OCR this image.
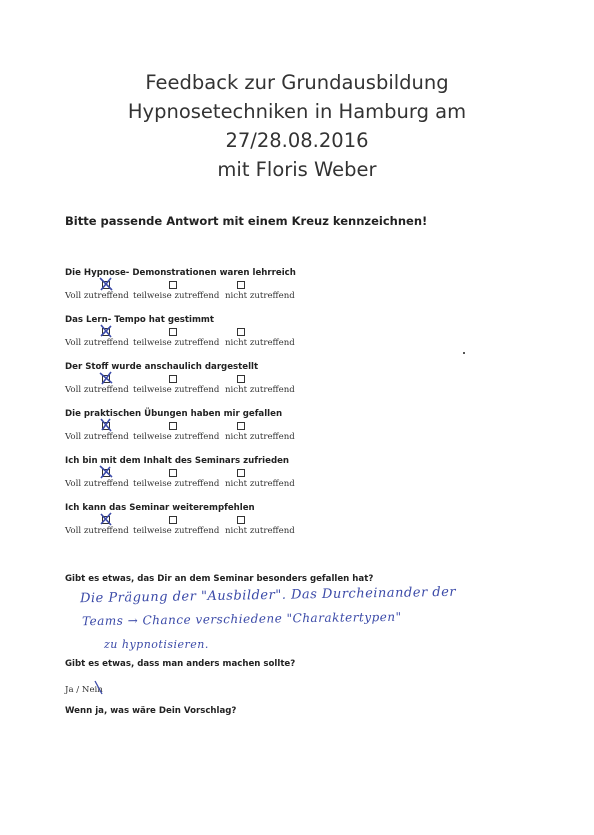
Feedback zur Grundausbildung
Hypnosetechniken in Hamburg am
27/28.08.2016
mit Floris Weber
Bitte passende Antwort mit einem Kreuz kennzeichnen!
Die Hypnose- Demonstrationen waren lehrreich
Voll zutreffend teilweise zutreffend nicht zutreffend
Das Lern- Tempo hat gestimmt
Voll zutreffend teilweise zutreffend nicht zutreffend
Der Stoff wurde anschaulich dargestellt
Voll zutreffend teilweise zutreffend nicht zutreffend
Die praktischen Übungen haben mir gefallen
Voll zutreffend teilweise zutreffend nicht zutreffend
Ich bin mit dem Inhalt des Seminars zufrieden
Voll zutreffend teilweise zutreffend nicht zutreffend
Ich kann das Seminar weiterempfehlen
Voll zutreffend teilweise zutreffend nicht zutreffend
Gibt es etwas, das Dir an dem Seminar besonders gefallen hat?
Die Prägung der "Ausbilder". Das Durcheinander der
Teams → Chance verschiedene "Charaktertypen"
zu hypnotisieren.
Gibt es etwas, dass man anders machen sollte?
Ja / Nein
Wenn ja, was wäre Dein Vorschlag?
